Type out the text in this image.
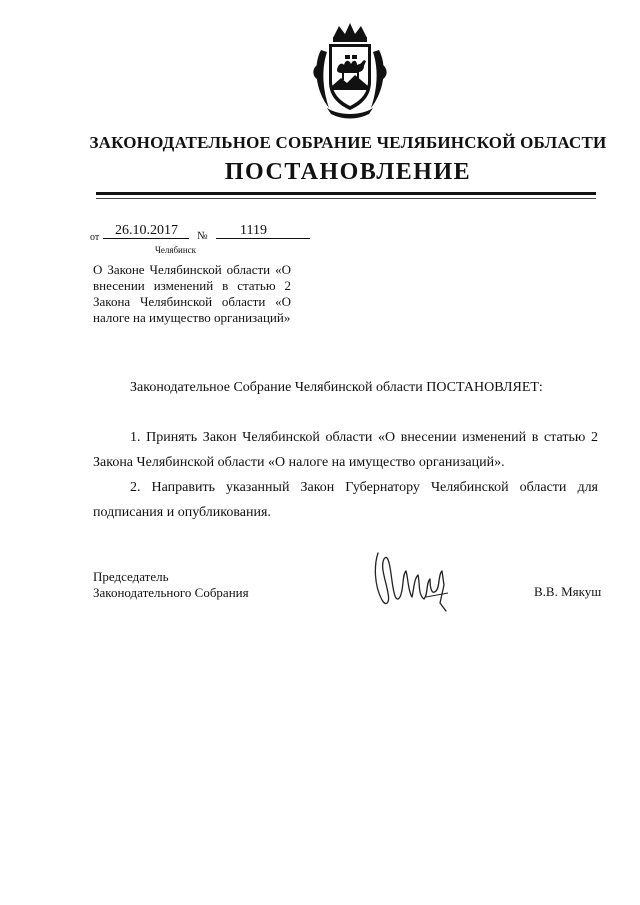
ЗАКОНОДАТЕЛЬНОЕ СОБРАНИЕ ЧЕЛЯБИНСКОЙ ОБЛАСТИ
ПОСТАНОВЛЕНИЕ
от 26.10.2017 № 1119
Челябинск
О Законе Челябинской области «О внесении изменений в статью 2 Закона Челябинской области «О налоге на имущество организаций»
Законодательное Собрание Челябинской области ПОСТАНОВЛЯЕТ:
1. Принять Закон Челябинской области «О внесении изменений в статью 2 Закона Челябинской области «О налоге на имущество организаций».
2. Направить указанный Закон Губернатору Челябинской области для подписания и опубликования.
Председатель
Законодательного Собрания	В.В. Мякуш
